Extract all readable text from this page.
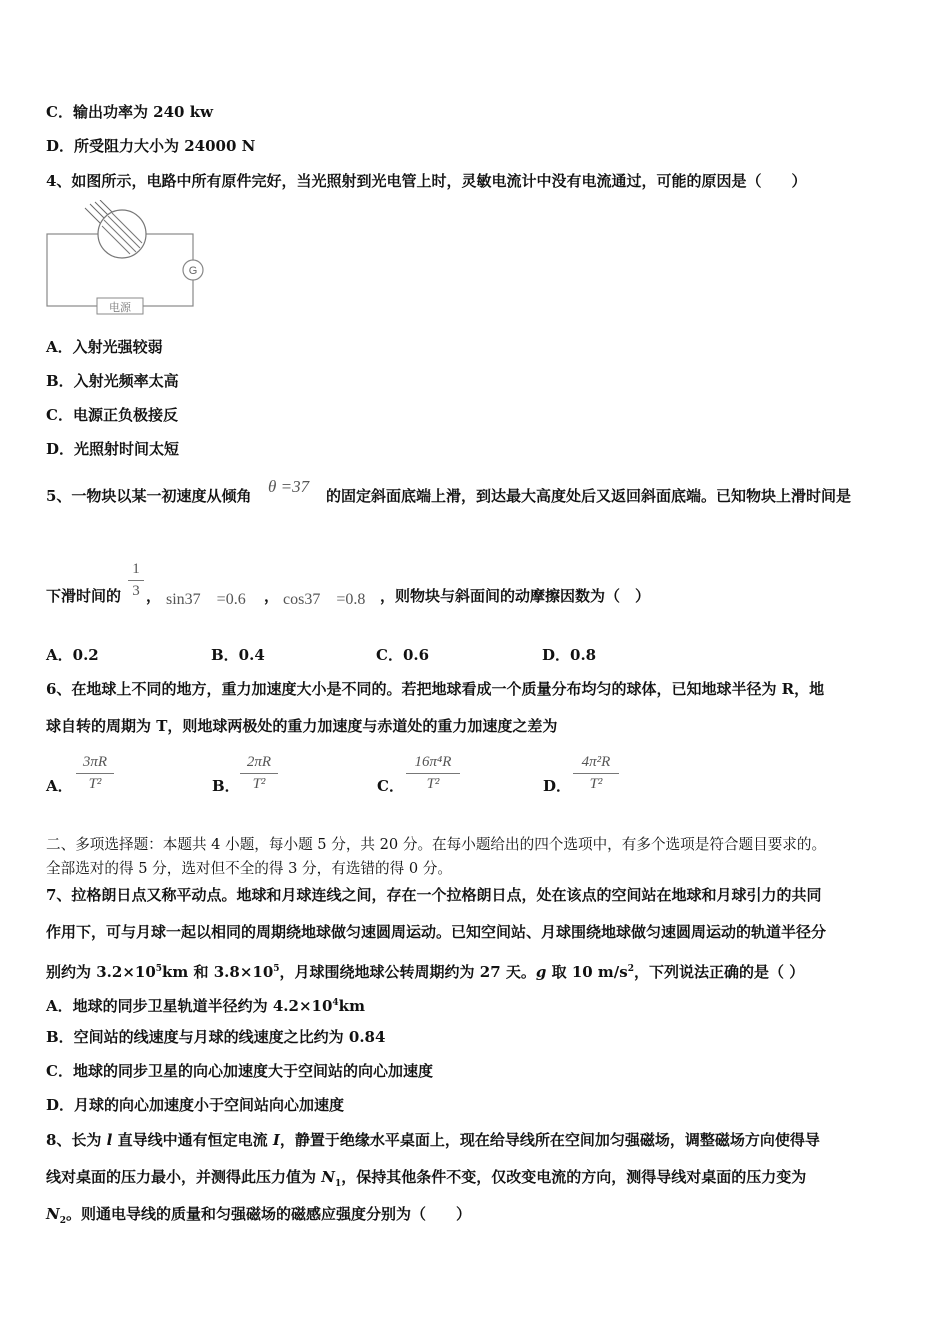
C．输出功率为 240 kw
D．所受阻力大小为 24000 N
4、如图所示，电路中所有原件完好，当光照射到光电管上时，灵敏电流计中没有电流通过，可能的原因是（　　）
G
电源
A．入射光强较弱
B．入射光频率太高
C．电源正负极接反
D．光照射时间太短
5、一物块以某一初速度从倾角 θ =37 的固定斜面底端上滑，到达最大高度处后又返回斜面底端。已知物块上滑时间是
下滑时间的
1
3 ， sin37　=0.6 ， cos37　=0.8 ，则物块与斜面间的动摩擦因数为（　）
A．0.2	B．0.4	C．0.6	D．0.8
6、在地球上不同的地方，重力加速度大小是不同的。若把地球看成一个质量分布均匀的球体，已知地球半径为 R，地
球自转的周期为 T，则地球两极处的重力加速度与赤道处的重力加速度之差为
A．
3πR
T²	B．
2πR
T²	C．
16π⁴R
T²	D．
4π²R
T²
二、多项选择题：本题共 4 小题，每小题 5 分，共 20 分。在每小题给出的四个选项中，有多个选项是符合题目要求的。
全部选对的得 5 分，选对但不全的得 3 分，有选错的得 0 分。
7、拉格朗日点又称平动点。地球和月球连线之间，存在一个拉格朗日点，处在该点的空间站在地球和月球引力的共同
作用下，可与月球一起以相同的周期绕地球做匀速圆周运动。已知空间站、月球围绕地球做匀速圆周运动的轨道半径分
别约为 $3.2\times 10^5km$ 和 $3.8\times 10^5$，月球围绕地球公转周期约为 27 天。g 取 10 $m/s^2$，下列说法正确的是（ ）
A．地球的同步卫星轨道半径约为 $4.2\times 10^4km$
B．空间站的线速度与月球的线速度之比约为 0.84
C．地球的同步卫星的向心加速度大于空间站的向心加速度
D．月球的向心加速度小于空间站向心加速度
8、长为 l 直导线中通有恒定电流 I，静置于绝缘水平桌面上，现在给导线所在空间加匀强磁场，调整磁场方向使得导
线对桌面的压力最小，并测得此压力值为 $N_1$，保持其他条件不变，仅改变电流的方向，测得导线对桌面的压力变为
$N_2$。则通电导线的质量和匀强磁场的磁感应强度分别为（　　）
